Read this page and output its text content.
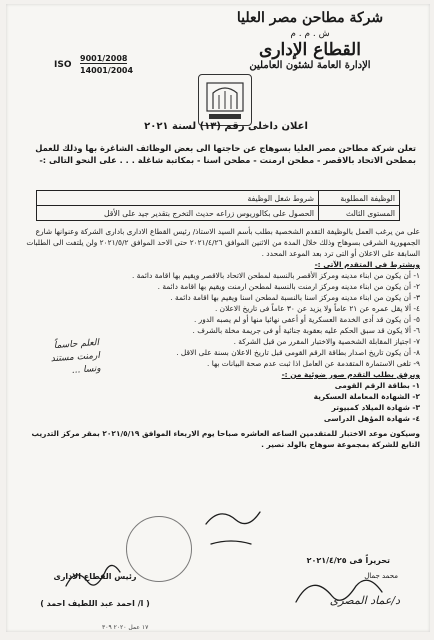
شركة مطاحن مصر العليا
ش . م . م
القطاع الإدارى
الإدارة العامة لشئون العاملين
ISO
9001/2008
14001/2004
اعلان داخلى رقم (١٣) لسنة ٢٠٢١
تعلن شركة مطاحن مصر العليا بسوهاج عن حاجتها الى بعض الوظائف الشاغرة بها وذلك للعمل بمطحن الاتحاد بالاقصر - مطحن ارمنت - مطحن اسنا - بمكاتبة شاغلة . . . على النحو التالى :-
الوظيفة المطلوبة	شروط شغل الوظيفة
المستوى الثالث	الحصول على بكالوريوس زراعه حديث التخرج بتقدير جيد على الأقل

على من يرغب العمل بالوظيفة التقدم الشخصية بطلب بأسم السيد الاستاذ/ رئيس القطاع الادارى بادارى الشركة وعنوانها شارع الجمهورية الشرقى بسوهاج وذلك خلال المدة من الاثنين الموافق ٢٠٢١/٤/٢٦ حتى الاحد الموافق ٢٠٢١/٥/٢ ولن يلتفت الى الطلبات السابقة على الاعلان أو التى ترد بعد الموعد المحدد .

ويشترط فى المتقدم الآتى :-

١- أن يكون من ابناء مدينه ومركز الأقصر بالنسبة لمطحن الاتحاد بالاقصر ويقيم بها اقامة دائمة .

٢- أن يكون من ابناء مدينه ومركز ارمنت بالنسبة لمطحن ارمنت ويقيم بها اقامة دائمة .

٣- أن يكون من ابناء مدينه ومركز اسنا بالنسبة لمطحن اسنا ويقيم بها اقامة دائمة .

٤- ألا يقل عمره عن ٢١ عاماً ولا يزيد عن ٣٠ عاماً فى تاريخ الاعلان .

٥- أن يكون قد أدى الخدمة العسكرية أو أعفى نهائيا منها أو لم يصبه الدور .

٦- ألا يكون قد سبق الحكم عليه بعقوبة جنائية أو فى جريمة مخلة بالشرف .

٧- اجتياز المقابلة الشخصية والاختبار المقرر من قبل الشركة .

٨- أن يكون تاريخ اصدار بطاقة الرقم القومى قبل تاريخ الاعلان بسنة على الاقل .

٩- تلغى الاستمارة المتقدمة عن العامل اذا ثبت عدم صحة البيانات بها .

ويرفق بطلب التقدم صور ضوئية من :-

١- بطاقة الرقم القومى
٢- الشهادة المعاملة العسكرية
٣- شهادة الميلاد كمبيوتر
٤- شهادة المؤهل الدراسى

وسيكون موعد الاختبار للمتقدمين الساعه العاشره صباحا يوم الاربعاء الموافق ٢٠٢١/٥/١٩ بمقر مركز التدريب التابع للشركة بمجموعة سوهاج بالولد نصير .

العلم حاسماً
ارمنت مستند
ونسا ...
تحريراً فى ٢٠٢١/٤/٢٥
محمد جمال
رئيس القطاع الادارى
( ا/ احمد عبد اللطيف احمد )	د/عماد المصرى
١٧ عمل ٢٠٢٠ ٣٠٩
